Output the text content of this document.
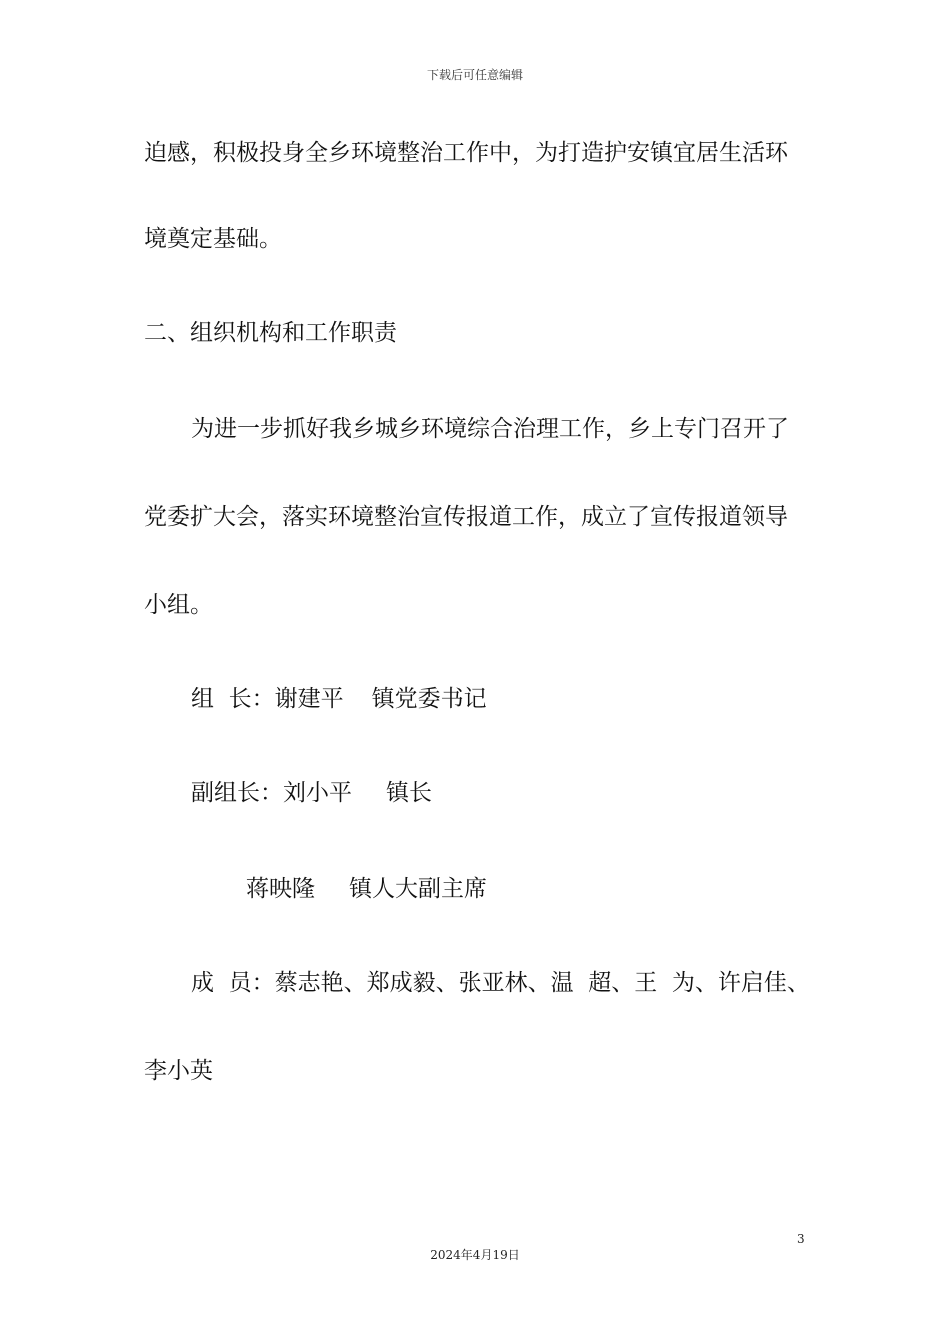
下载后可任意编辑
迫感，积极投身全乡环境整治工作中，为打造护安镇宜居生活环
境奠定基础。
二、组织机构和工作职责
为进一步抓好我乡城乡环境综合治理工作，乡上专门召开了
党委扩大会，落实环境整治宣传报道工作，成立了宣传报道领导
小组。
组  长：谢建平 镇党委书记
副组长：刘小平 镇长
蒋映隆 镇人大副主席
成  员：蔡志艳、郑成毅、张亚林、温  超、王  为、许启佳、
李小英
3
2024年4月19日
